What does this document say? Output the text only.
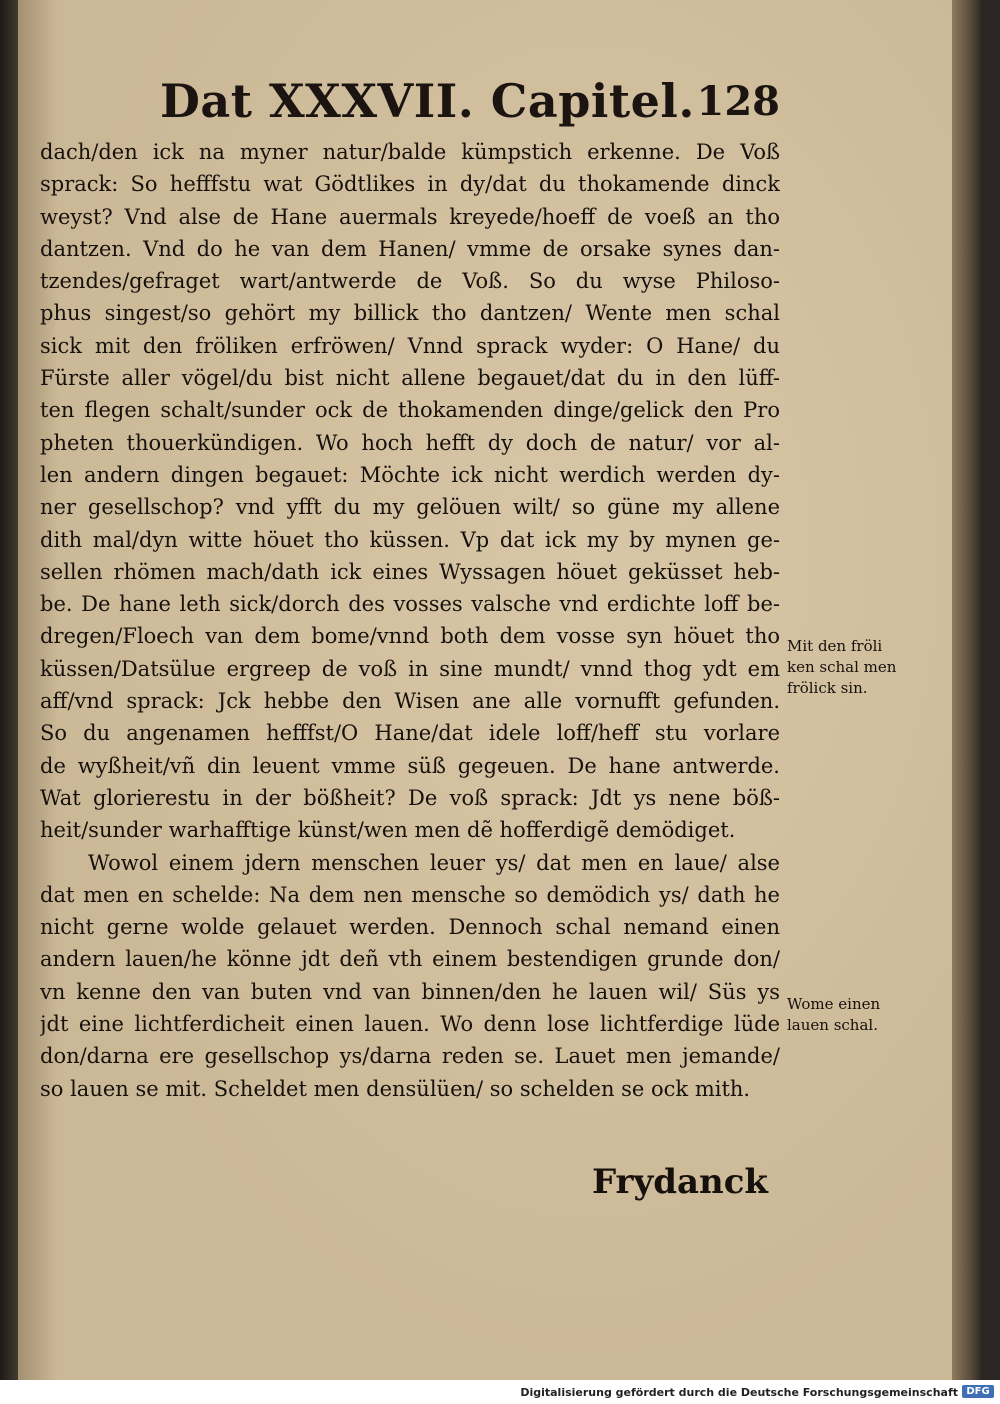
Dat XXXVII. Capitel. 128
dach/den ick na myner natur/balde kümpstich erkenne. De Voß
sprack: So hefffstu wat Gödtlikes in dy/dat du thokamende dinck
weyst? Vnd alse de Hane auermals kreyede/hoeff de voeß an tho
dantzen. Vnd do he van dem Hanen/ vmme de orsake synes dan-
tzendes/gefraget wart/antwerde de Voß. So du wyse Philoso-
phus singest/so gehört my billick tho dantzen/ Wente men schal
sick mit den fröliken erfröwen/ Vnnd sprack wyder: O Hane/ du
Fürste aller vögel/du bist nicht allene begauet/dat du in den lüff-
ten flegen schalt/sunder ock de thokamenden dinge/gelick den Pro
pheten thouerkündigen. Wo hoch hefft dy doch de natur/ vor al-
len andern dingen begauet: Möchte ick nicht werdich werden dy-
ner gesellschop? vnd yfft du my gelöuen wilt/ so güne my allene
dith mal/dyn witte höuet tho küssen. Vp dat ick my by mynen ge-
sellen rhömen mach/dath ick eines Wyssagen höuet geküsset heb-
be. De hane leth sick/dorch des vosses valsche vnd erdichte loff be-
dregen/Floech van dem bome/vnnd both dem vosse syn höuet tho
küssen/Datsülue ergreep de voß in sine mundt/ vnnd thog ydt em
aff/vnd sprack: Jck hebbe den Wisen ane alle vornufft gefunden.
So du angenamen hefffst/O Hane/dat idele loff/heff stu vorlare
de wyßheit/vñ din leuent vmme süß gegeuen. De hane antwerde.
Wat glorierestu in der bößheit? De voß sprack: Jdt ys nene böß-
heit/sunder warhafftige künst/wen men dẽ hofferdigẽ demödiget.
Wowol einem jdern menschen leuer ys/ dat men en laue/ alse
dat men en schelde: Na dem nen mensche so demödich ys/ dath he
nicht gerne wolde gelauet werden. Dennoch schal nemand einen
andern lauen/he könne jdt deñ vth einem bestendigen grunde don/
vn kenne den van buten vnd van binnen/den he lauen wil/ Süs ys
jdt eine lichtferdicheit einen lauen. Wo denn lose lichtferdige lüde
don/darna ere gesellschop ys/darna reden se. Lauet men jemande/
so lauen se mit. Scheldet men densülüen/ so schelden se ock mith.
Frydanck
Mit den fröli
ken schal men
frölick sin.
Wome einen
lauen schal.
Digitalisierung gefördert durch die Deutsche Forschungsgemeinschaft DFG
